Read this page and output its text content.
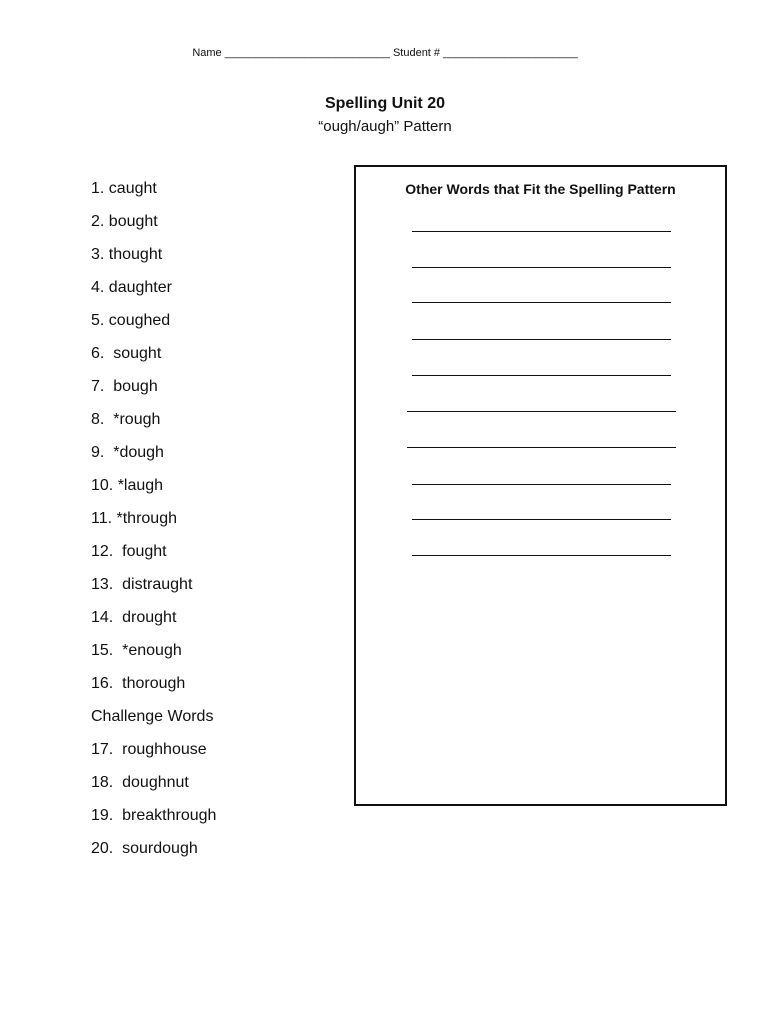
Name ___________________________ Student # ______________________
Spelling Unit 20
“ough/augh” Pattern
1. caught
2. bought
3. thought
4. daughter
5. coughed
6.  sought
7.  bough
8.  *rough
9.  *dough
10. *laugh
11. *through
12.  fought
13.  distraught
14.  drought
15.  *enough
16.  thorough
Challenge Words
17.  roughhouse
18.  doughnut
19.  breakthrough
20.  sourdough
Other Words that Fit the Spelling Pattern
